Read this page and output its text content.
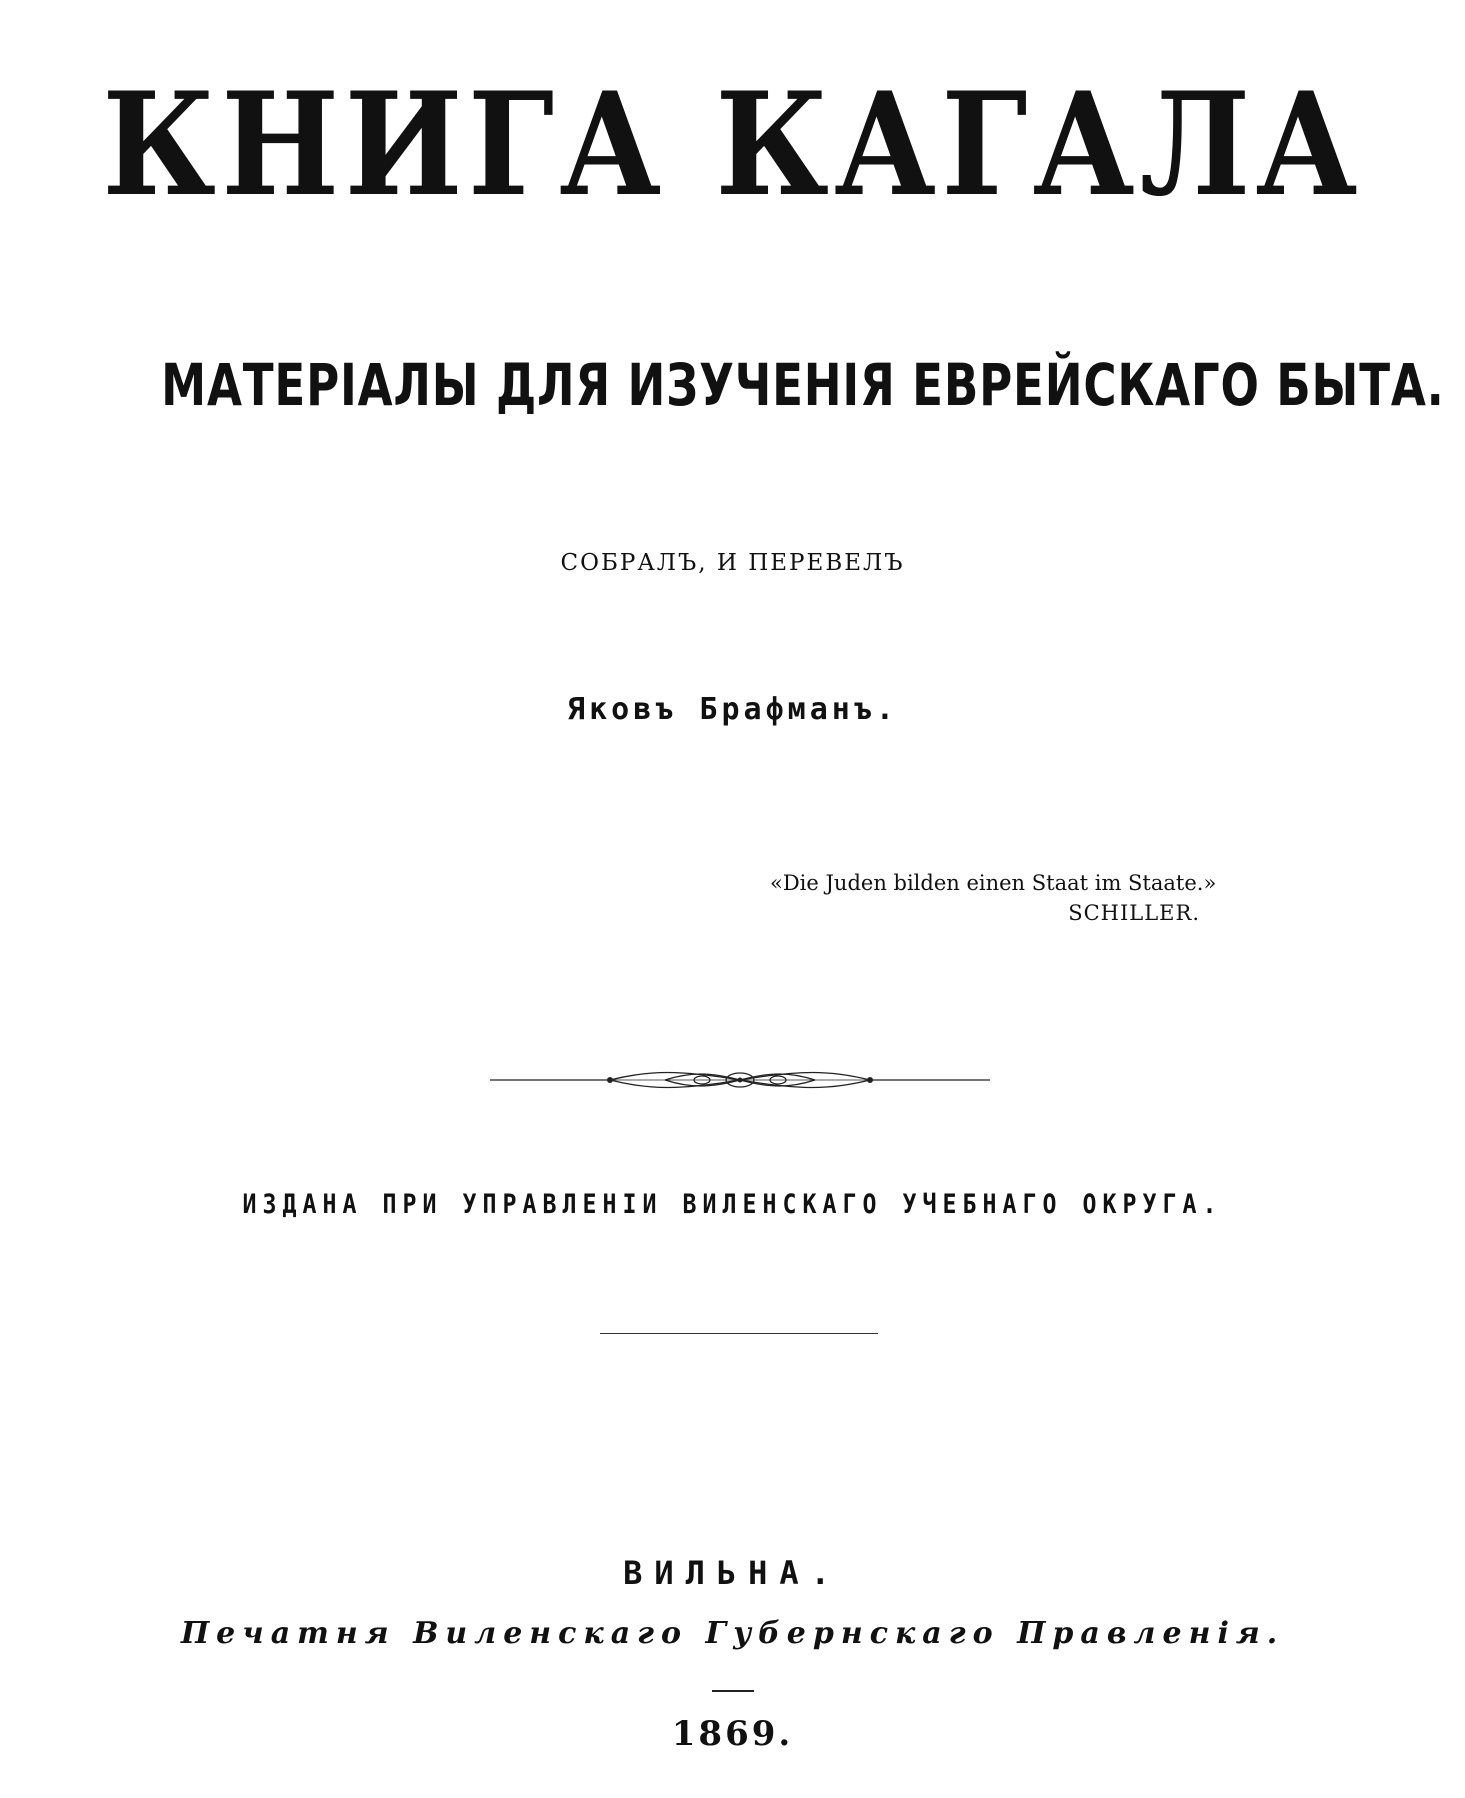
КНИГА КАГАЛА
МАТЕРІАЛЫ ДЛЯ ИЗУЧЕНІЯ ЕВРЕЙСКАГО БЫТА.
СОБРАЛЪ, И ПЕРЕВЕЛЪ
Яковъ Брафманъ.
«Die Juden bilden einen Staat im Staate.»
SCHILLER.
ИЗДАНА ПРИ УПРАВЛЕНІИ ВИЛЕНСКАГО УЧЕБНАГО ОКРУГА.
ВИЛЬНА.
Печатня Виленскаго Губернскаго Правленія.
1869.
